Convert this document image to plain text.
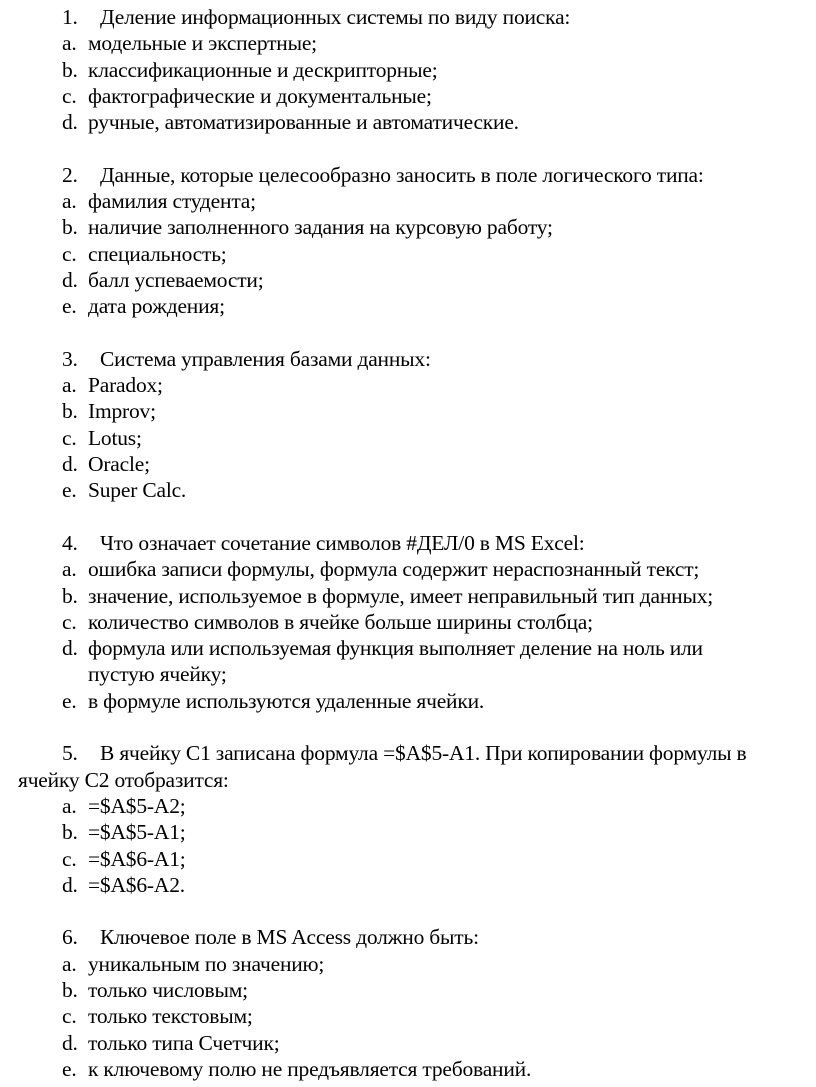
1. Деление информационных системы по виду поиска:
a. модельные и экспертные;
b. классификационные и дескрипторные;
c. фактографические и документальные;
d. ручные, автоматизированные и автоматические.
2. Данные, которые целесообразно заносить в поле логического типа:
a. фамилия студента;
b. наличие заполненного задания на курсовую работу;
c. специальность;
d. балл успеваемости;
e. дата рождения;
3. Система управления базами данных:
a. Paradox;
b. Improv;
c. Lotus;
d. Oracle;
e. Super Calc.
4. Что означает сочетание символов #ДЕЛ/0 в MS Excel:
a. ошибка записи формулы, формула содержит нераспознанный текст;
b. значение, используемое в формуле, имеет неправильный тип данных;
c. количество символов в ячейке больше ширины столбца;
d. формула или используемая функция выполняет деление на ноль или пустую ячейку;
e. в формуле используются удаленные ячейки.
5. В ячейку С1 записана формула =$A$5-A1. При копировании формулы в ячейку С2 отобразится:
a. =$A$5-A2;
b. =$A$5-A1;
c. =$A$6-A1;
d. =$A$6-A2.
6. Ключевое поле в MS Access должно быть:
a. уникальным по значению;
b. только числовым;
c. только текстовым;
d. только типа Счетчик;
e. к ключевому полю не предъявляется требований.
